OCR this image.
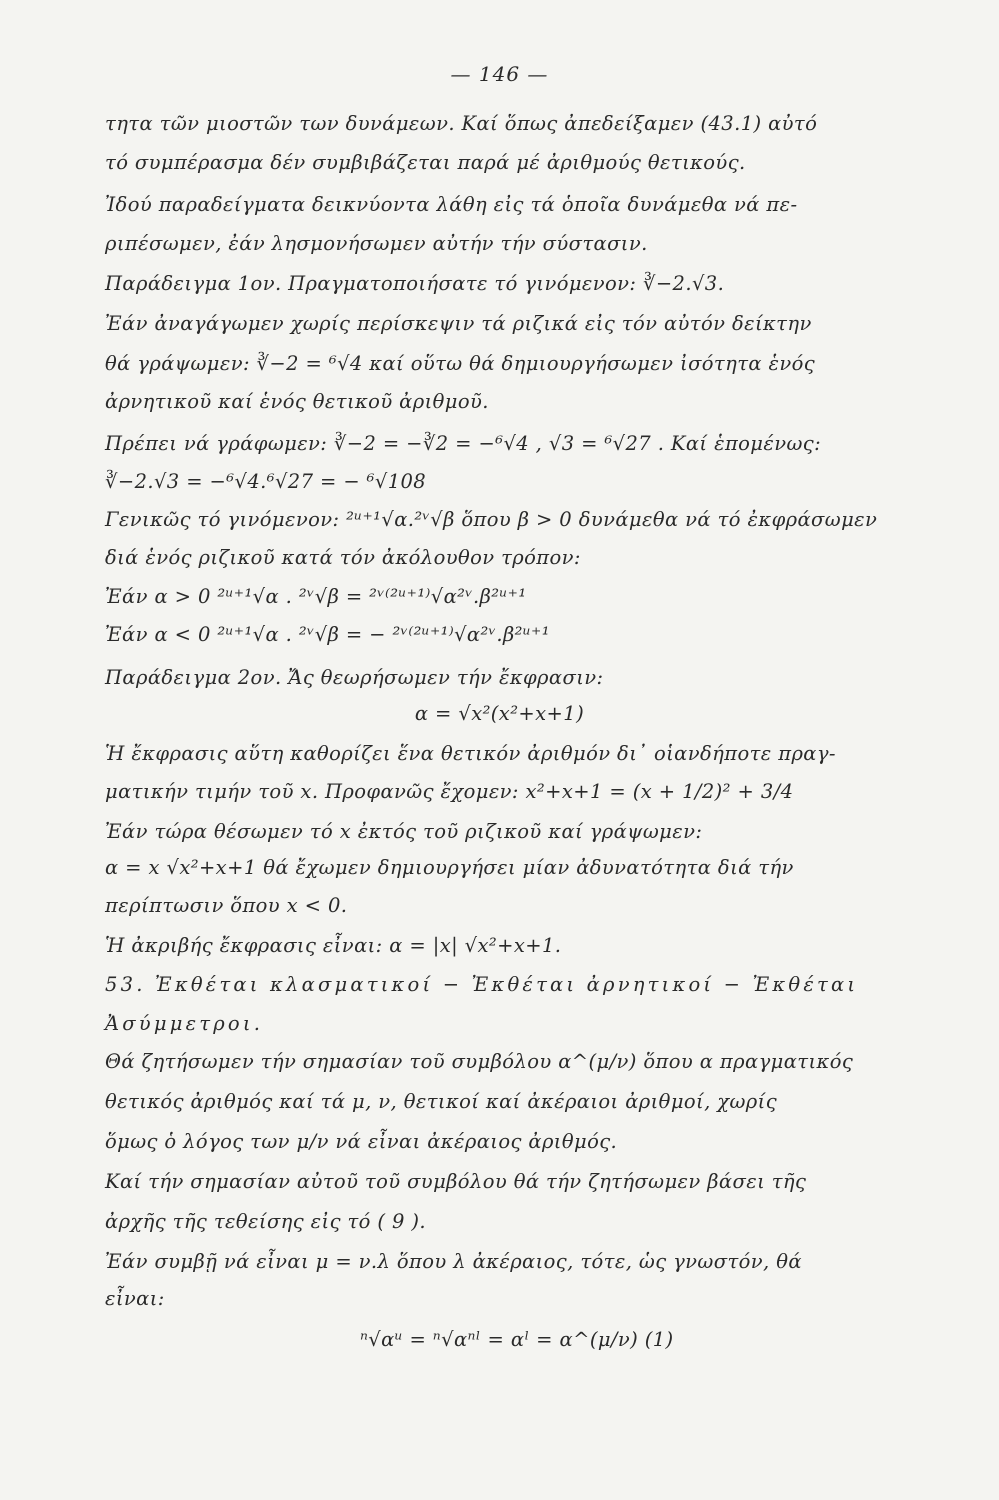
— 146 —
τητα τῶν μιοστῶν των δυνάμεων. Καί ὅπως ἀπεδείξαμεν (43.1) αὐτό
τό συμπέρασμα δέν συμβιβάζεται παρά μέ ἀριθμούς θετικούς.
Ἰδού παραδείγματα δεικνύοντα λάθη εἰς τά ὁποῖα δυνάμεθα νά πε-
ριπέσωμεν, ἐάν λησμονήσωμεν αὐτήν τήν σύστασιν.
Παράδειγμα 1ον. Πραγματοποιήσατε τό γινόμενον: ∛−2.√3.
Ἐάν ἀναγάγωμεν χωρίς περίσκεψιν τά ριζικά εἰς τόν αὐτόν δείκτην
θά γράψωμεν: ∛−2 = ⁶√4 καί οὕτω θά δημιουργήσωμεν ἰσότητα ἑνός
ἀρνητικοῦ καί ἑνός θετικοῦ ἀριθμοῦ.
Πρέπει νά γράφωμεν: ∛−2 = −∛2 = −⁶√4 , √3 = ⁶√27 . Καί ἑπομένως:
∛−2.√3 = −⁶√4.⁶√27 = − ⁶√108
Γενικῶς τό γινόμενον: ²ᵘ⁺¹√α.²ᵛ√β ὅπου β > 0 δυνάμεθα νά τό ἐκφράσωμεν
διά ἑνός ριζικοῦ κατά τόν ἀκόλουθον τρόπον:
Ἐάν α > 0 ²ᵘ⁺¹√α . ²ᵛ√β = ²ᵛ⁽²ᵘ⁺¹⁾√α²ᵛ.β²ᵘ⁺¹
Ἐάν α < 0 ²ᵘ⁺¹√α . ²ᵛ√β = − ²ᵛ⁽²ᵘ⁺¹⁾√α²ᵛ.β²ᵘ⁺¹
Παράδειγμα 2ον. Ἄς θεωρήσωμεν τήν ἔκφρασιν:
α = √x²(x²+x+1)
Ἡ ἔκφρασις αὕτη καθορίζει ἕνα θετικόν ἀριθμόν δι᾽ οἱανδήποτε πραγ-
ματικήν τιμήν τοῦ x. Προφανῶς ἔχομεν: x²+x+1 = (x + 1/2)² + 3/4
Ἐάν τώρα θέσωμεν τό x ἐκτός τοῦ ριζικοῦ καί γράψωμεν:
α = x √x²+x+1 θά ἔχωμεν δημιουργήσει μίαν ἀδυνατότητα διά τήν
περίπτωσιν ὅπου x < 0.
Ἡ ἀκριβής ἔκφρασις εἶναι: α = |x| √x²+x+1.
53. Ἐκθέται κλασματικοί − Ἐκθέται ἀρνητικοί − Ἐκθέται
Ἀσύμμετροι.
Θά ζητήσωμεν τήν σημασίαν τοῦ συμβόλου α^(μ/ν) ὅπου α πραγματικός
θετικός ἀριθμός καί τά μ, ν, θετικοί καί ἀκέραιοι ἀριθμοί, χωρίς
ὅμως ὁ λόγος των μ/ν νά εἶναι ἀκέραιος ἀριθμός.
Καί τήν σημασίαν αὐτοῦ τοῦ συμβόλου θά τήν ζητήσωμεν βάσει τῆς
ἀρχῆς τῆς τεθείσης εἰς τό ( 9 ).
Ἐάν συμβῇ νά εἶναι μ = ν.λ ὅπου λ ἀκέραιος, τότε, ὡς γνωστόν, θά
εἶναι:
ⁿ√αᵘ = ⁿ√αⁿˡ = αˡ = α^(μ/ν) (1)
